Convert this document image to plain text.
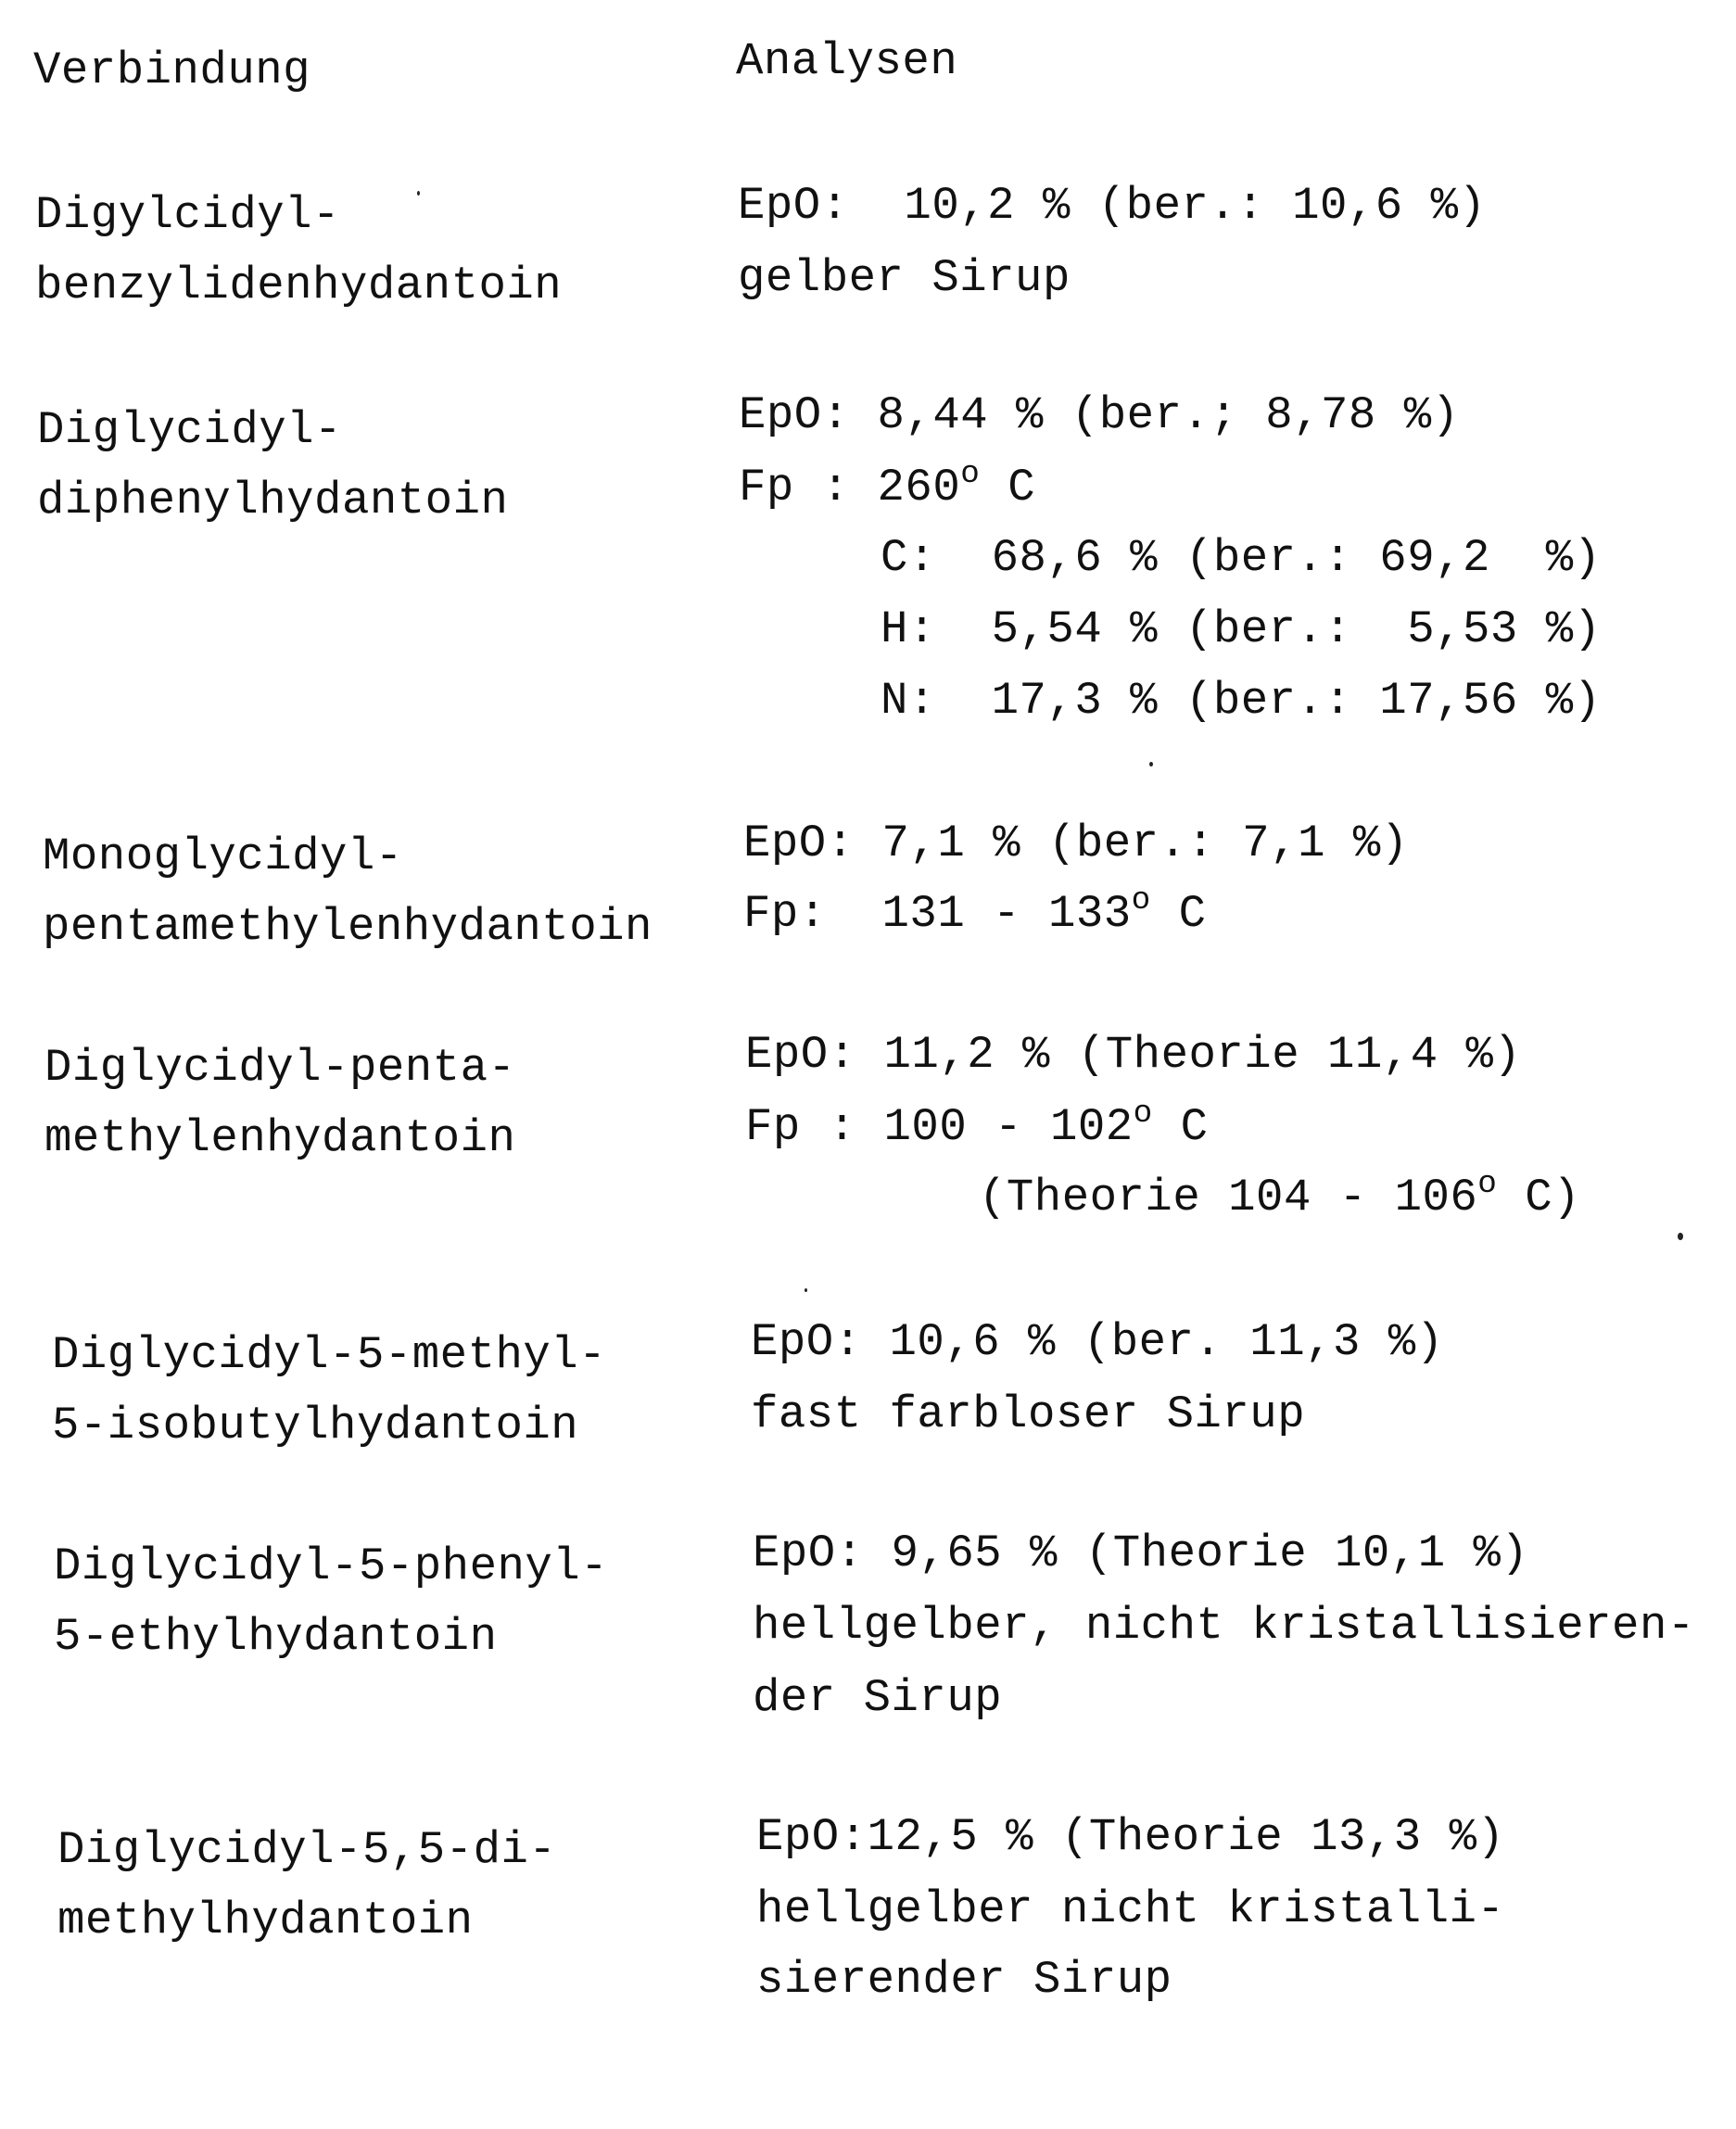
Verbindung	Analysen
Digylcidyl-
benzylidenhydantoin
EpO:  10,2 % (ber.: 10,6 %)
gelber Sirup
Diglycidyl-
diphenylhydantoin
EpO: 8,44 % (ber.; 8,78 %)
Fp : 260$^o$ C
C:  68,6 % (ber.: 69,2  %)
H:  5,54 % (ber.:  5,53 %)
N:  17,3 % (ber.: 17,56 %)
Monoglycidyl-
pentamethylenhydantoin
EpO: 7,1 % (ber.: 7,1 %)
Fp:  131 - 133$^o$ C
Diglycidyl-penta-
methylenhydantoin
EpO: 11,2 % (Theorie 11,4 %)
Fp : 100 - 102$^o$ C
(Theorie 104 - 106$^o$ C)
Diglycidyl-5-methyl-
5-isobutylhydantoin
EpO: 10,6 % (ber. 11,3 %)
fast farbloser Sirup
Diglycidyl-5-phenyl-
5-ethylhydantoin
EpO: 9,65 % (Theorie 10,1 %)
hellgelber, nicht kristallisieren-
der Sirup
Diglycidyl-5,5-di-
methylhydantoin
EpO:12,5 % (Theorie 13,3 %)
hellgelber nicht kristalli-
sierender Sirup
